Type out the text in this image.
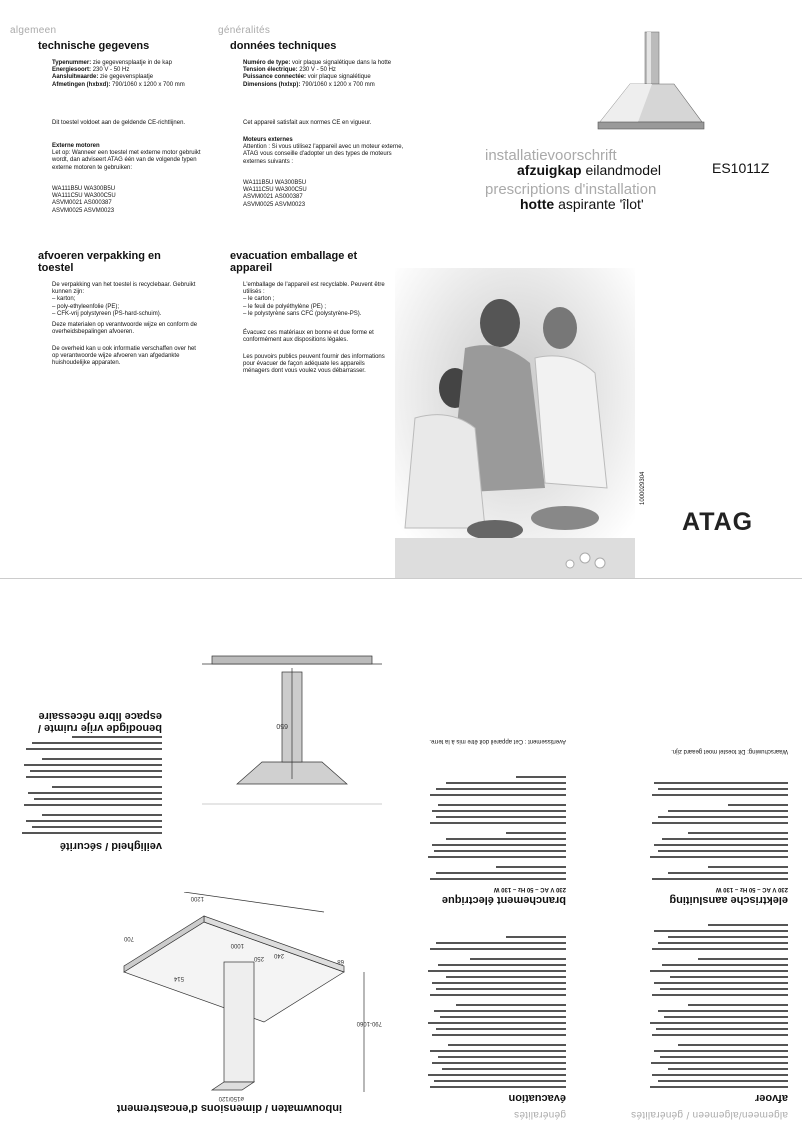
algemeen
technische gegevens
Typenummer: zie gegevensplaatje in de kap
Energiesoort: 230 V - 50 Hz
Aansluitwaarde: zie gegevensplaatje
Afmetingen (hxbxd): 790/1060 x 1200 x 700 mm
Dit toestel voldoet aan de geldende CE-richtlijnen.
Externe motoren
Let op: Wanneer een toestel met externe motor gebruikt wordt, dan adviseert ATAG één van de volgende typen externe motoren te gebruiken:
WA111B5U WA300B5U
WA111C5U WA300C5U
ASVM0021 AS000387
ASVM0025 ASVM0023
afvoeren verpakking en toestel
De verpakking van het toestel is recyclebaar. Gebruikt kunnen zijn:
– karton;
– poly-ethyleenfolie (PE);
– CFK-vrij polystyreen (PS-hard-schuim).
Deze materialen op verantwoorde wijze en conform de overheidsbepalingen afvoeren.
De overheid kan u ook informatie verschaffen over het op verantwoorde wijze afvoeren van afgedankte huishoudelijke apparaten.
généralités
données techniques
Numéro de type: voir plaque signalétique dans la hotte
Tension électrique: 230 V - 50 Hz
Puissance connectée: voir plaque signalétique
Dimensions (hxlxp): 790/1060 x 1200 x 700 mm
Cet appareil satisfait aux normes CE en vigueur.
Moteurs externes
Attention : Si vous utilisez l'appareil avec un moteur externe, ATAG vous conseille d'adopter un des types de moteurs externes suivants :
WA111B5U WA300B5U
WA111C5U WA300C5U
ASVM0021 AS000387
ASVM0025 ASVM0023
evacuation emballage et appareil
L'emballage de l'appareil est recyclable. Peuvent être utilisés :
– le carton ;
– le feuil de polyéthylène (PE) ;
– le polystyrène sans CFC (polystyrène-PS).
Évacuez ces matériaux en bonne et due forme et conformément aux dispositions légales.
Les pouvoirs publics peuvent fournir des informations pour évacuer de façon adéquate les appareils ménagers dont vous voulez vous débarrasser.
installatievoorschrift
afzuigkap eilandmodel	ES1011Z
prescriptions d'installation
hotte aspirante 'îlot'
1000029304
ATAG
algemeen/algemeen / généralités
généralités
afvoer
évacuation
elektrische aansluiting
230 V AC – 50 Hz – 130 W
Waarschuwing: Dit toestel moet geaard zijn.
branchement électrique
230 V AC – 50 Hz – 130 W
Avertissement : Cet appareil doit être mis à la terre.
1200
700
1000
250 240
68
514
790-1060
ø150/120
inbouwmaten / dimensions d'encastrement
benodigde vrije ruimte / espace libre nécessaire
veiligheid / sécurité
650
